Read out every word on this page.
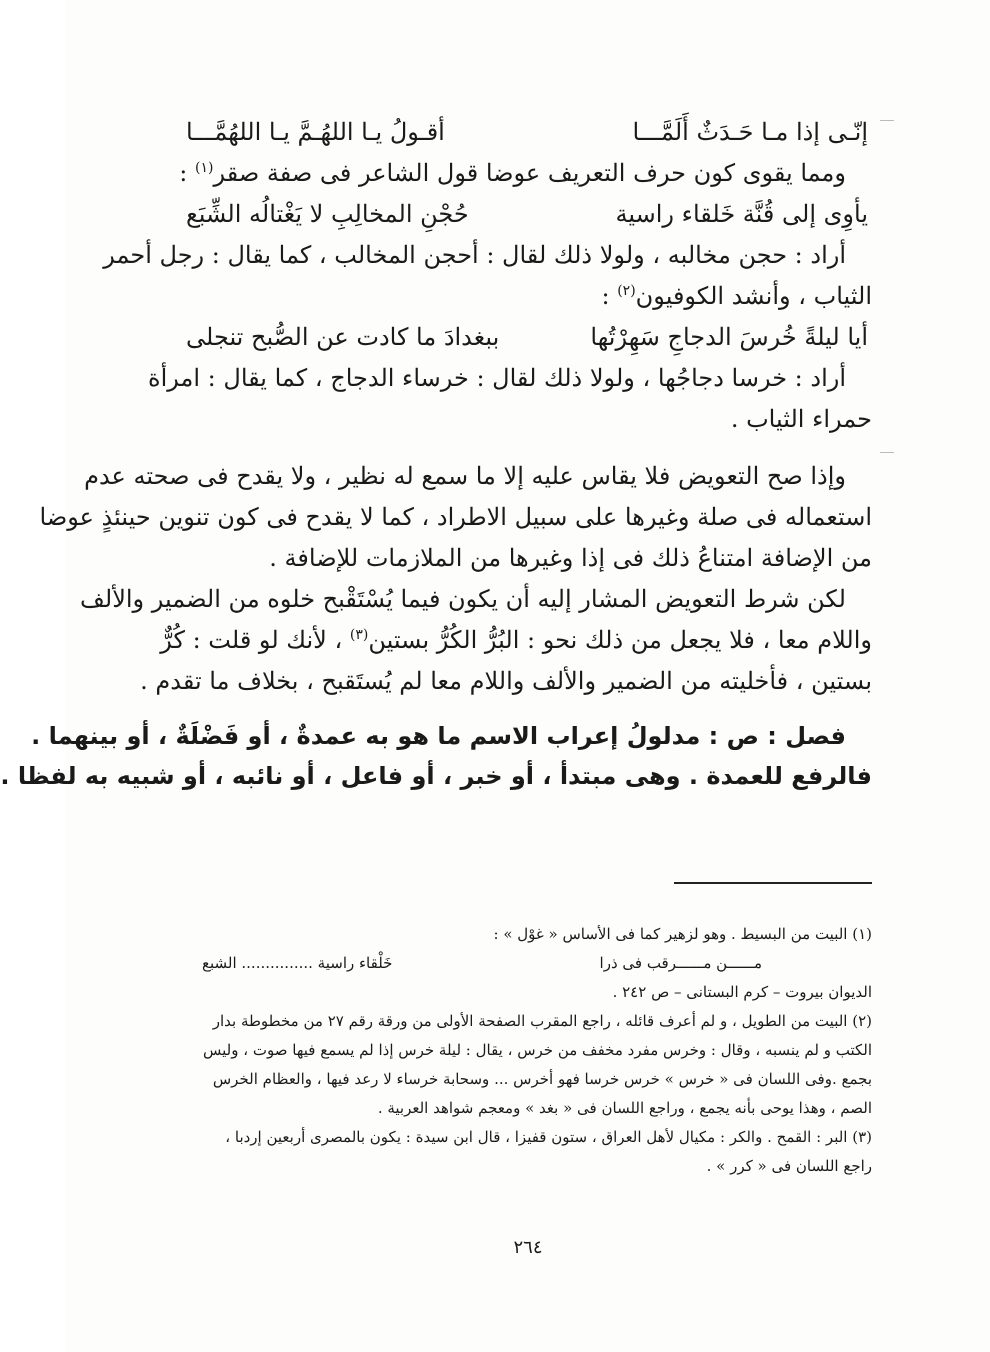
إنّـى إذا مـا حَـدَثٌ أَلَمَّـــا
أقـولُ يـا اللهُـمَّ يـا اللهُمَّـــا
ومما يقوى كون حرف التعريف عوضا قول الشاعر فى صفة صقر$^{(١)}$ :
يأوِى إلى قُنَّة خَلقاء راسية
حُجْنِ المخالِبِ لا يَغْتالُه الشِّبَع
أراد : حجن مخالبه ، ولولا ذلك لقال : أحجن المخالب ، كما يقال : رجل أحمر
الثياب ، وأنشد الكوفيون$^{(٢)}$ :
أيا ليلةً خُرسَ الدجاجِ سَهِرْتُها
ببغدادَ ما كادت عن الصُّبح تنجلى
أراد : خرسا دجاجُها ، ولولا ذلك لقال : خرساء الدجاج ، كما يقال : امرأة
حمراء الثياب .
وإذا صح التعويض فلا يقاس عليه إلا ما سمع له نظير ، ولا يقدح فى صحته عدم
استعماله فى صلة وغيرها على سبيل الاطراد ، كما لا يقدح فى كون تنوين حينئذٍ عوضا
من الإضافة امتناعُ ذلك فى إذا وغيرها من الملازمات للإضافة .
لكن شرط التعويض المشار إليه أن يكون فيما يُسْتَقْبح خلوه من الضمير والألف
واللام معا ، فلا يجعل من ذلك نحو : البُرُّ الكُرُّ بستين$^{(٣)}$ ، لأنك لو قلت : كُرٌّ
بستين ، فأخليته من الضمير والألف واللام معا لم يُستَقبح ، بخلاف ما تقدم .
فصل : ص : مدلولُ إعراب الاسم ما هو به عمدةٌ ، أو فَضْلَةٌ ، أو بينهما .
فالرفع للعمدة . وهى مبتدأ ، أو خبر ، أو فاعل ، أو نائبه ، أو شبيه به لفظا .

(١) البيت من البسيط . وهو لزهير كما فى الأساس « غوْل » :

مــــــن مــــــرقب فى ذرا
خَلْقاء راسية ............... الشبع

الديوان بيروت – كرم البستانى – ص ٢٤٢ .

(٢) البيت من الطويل ، و لم أعرف قائله ، راجع المقرب الصفحة الأولى من ورقة رقم ٢٧ من مخطوطة بدار

الكتب و لم ينسبه ، وقال : وخرس مفرد مخفف من خرس ، يقال : ليلة خرس إذا لم يسمع فيها صوت ، وليس

بجمع .وفى اللسان فى « خرس » خرس خرسا فهو أخرس ... وسحابة خرساء لا رعد فيها ، والعظام الخرس

الصم ، وهذا يوحى بأنه يجمع ، وراجع اللسان فى « بغد » ومعجم شواهد العربية .

(٣) البر : القمح . والكر : مكيال لأهل العراق ، ستون قفيزا ، قال ابن سيدة : يكون بالمصرى أربعين إردبا ،

راجع اللسان فى « كرر » .

٢٦٤
